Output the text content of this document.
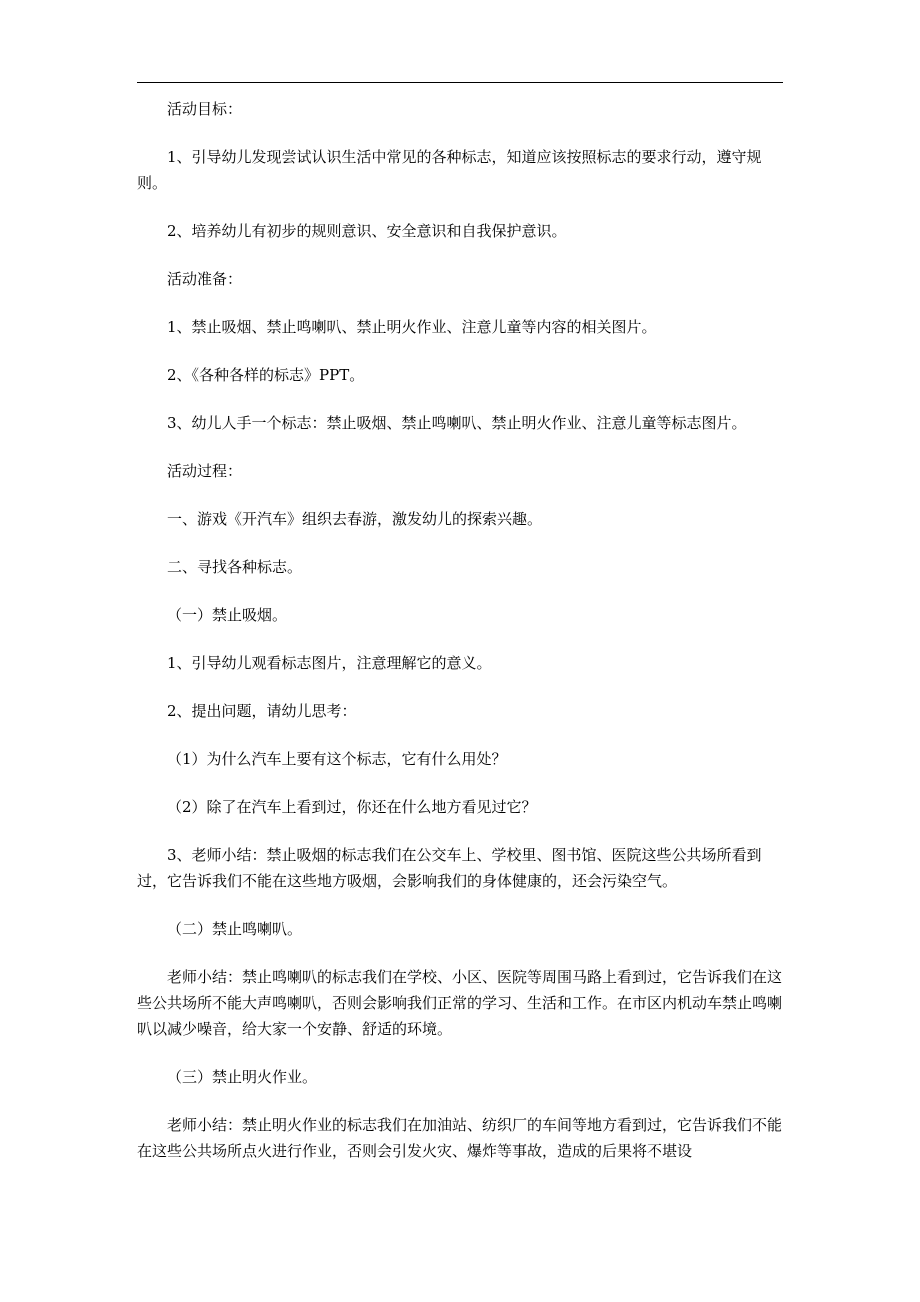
活动目标：

1、引导幼儿发现尝试认识生活中常见的各种标志，知道应该按照标志的要求行动，遵守规则。

2、培养幼儿有初步的规则意识、安全意识和自我保护意识。

活动准备：

1、禁止吸烟、禁止鸣喇叭、禁止明火作业、注意儿童等内容的相关图片。

2、《各种各样的标志》PPT。

3、幼儿人手一个标志：禁止吸烟、禁止鸣喇叭、禁止明火作业、注意儿童等标志图片。

活动过程：

一、游戏《开汽车》组织去春游，激发幼儿的探索兴趣。

二、寻找各种标志。

（一）禁止吸烟。

1、引导幼儿观看标志图片，注意理解它的意义。

2、提出问题，请幼儿思考：

（1）为什么汽车上要有这个标志，它有什么用处？

（2）除了在汽车上看到过，你还在什么地方看见过它？

3、老师小结：禁止吸烟的标志我们在公交车上、学校里、图书馆、医院这些公共场所看到过，它告诉我们不能在这些地方吸烟，会影响我们的身体健康的，还会污染空气。

（二）禁止鸣喇叭。

老师小结：禁止鸣喇叭的标志我们在学校、小区、医院等周围马路上看到过，它告诉我们在这些公共场所不能大声鸣喇叭，否则会影响我们正常的学习、生活和工作。在市区内机动车禁止鸣喇叭以减少噪音，给大家一个安静、舒适的环境。

（三）禁止明火作业。

老师小结：禁止明火作业的标志我们在加油站、纺织厂的车间等地方看到过，它告诉我们不能在这些公共场所点火进行作业，否则会引发火灾、爆炸等事故，造成的后果将不堪设
